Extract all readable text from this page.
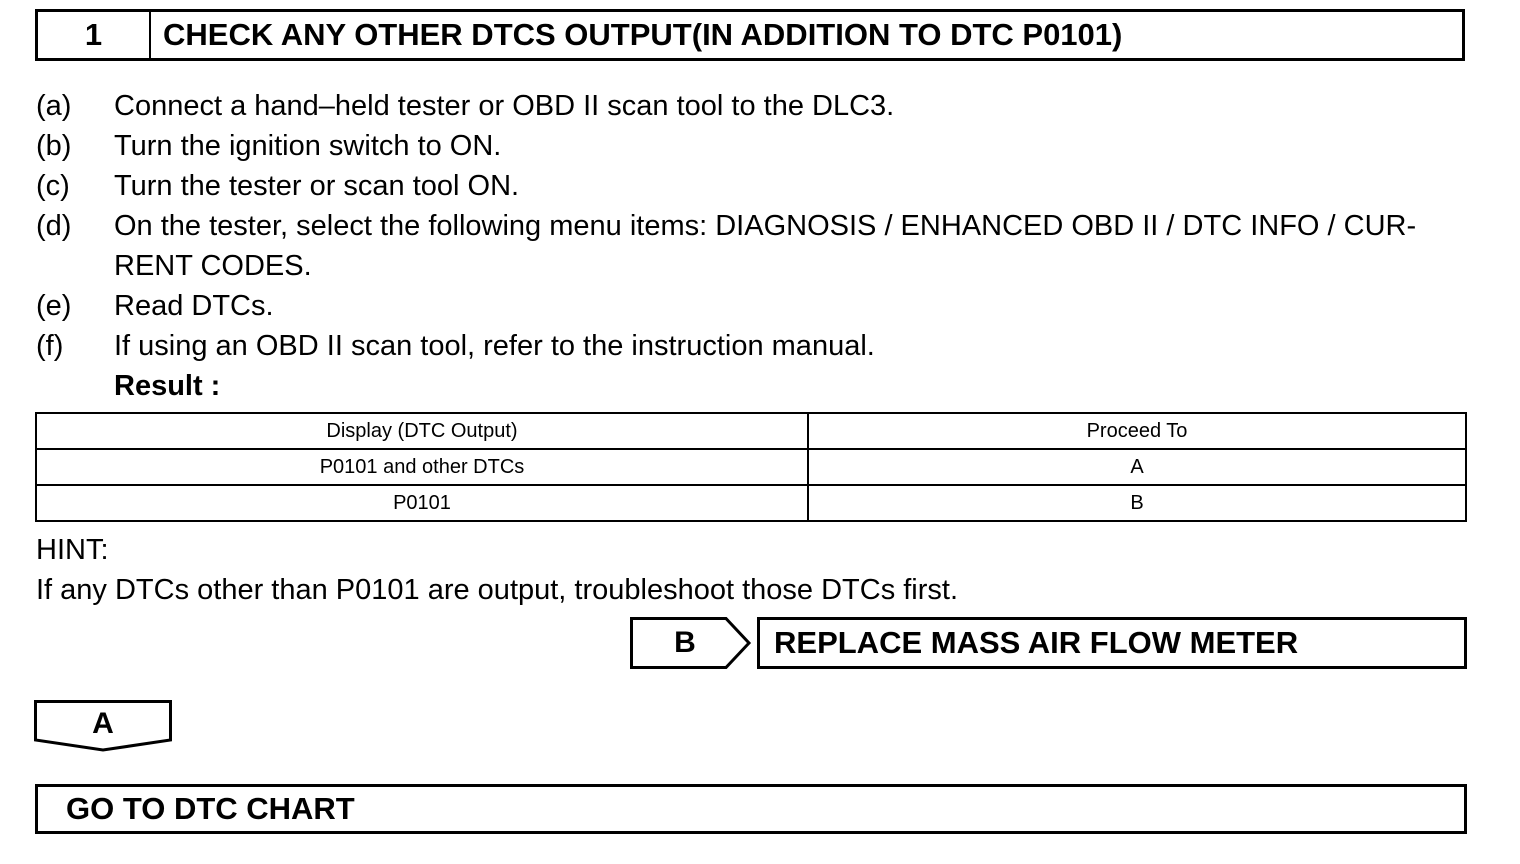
1	CHECK ANY OTHER DTCS OUTPUT(IN ADDITION TO DTC P0101)
(a)	Connect a hand–held tester or OBD II scan tool to the DLC3.
(b)	Turn the ignition switch to ON.
(c)	Turn the tester or scan tool ON.
(d)	On the tester, select the following menu items: DIAGNOSIS / ENHANCED OBD II / DTC INFO / CUR-RENT CODES.
(e)	Read DTCs.
(f)	If using an OBD II scan tool, refer to the instruction manual.
Result :
Display (DTC Output)	Proceed To
P0101 and other DTCs	A
P0101	B
HINT:
If any DTCs other than P0101 are output, troubleshoot those DTCs first.
B	REPLACE MASS AIR FLOW METER
A
GO TO DTC CHART
